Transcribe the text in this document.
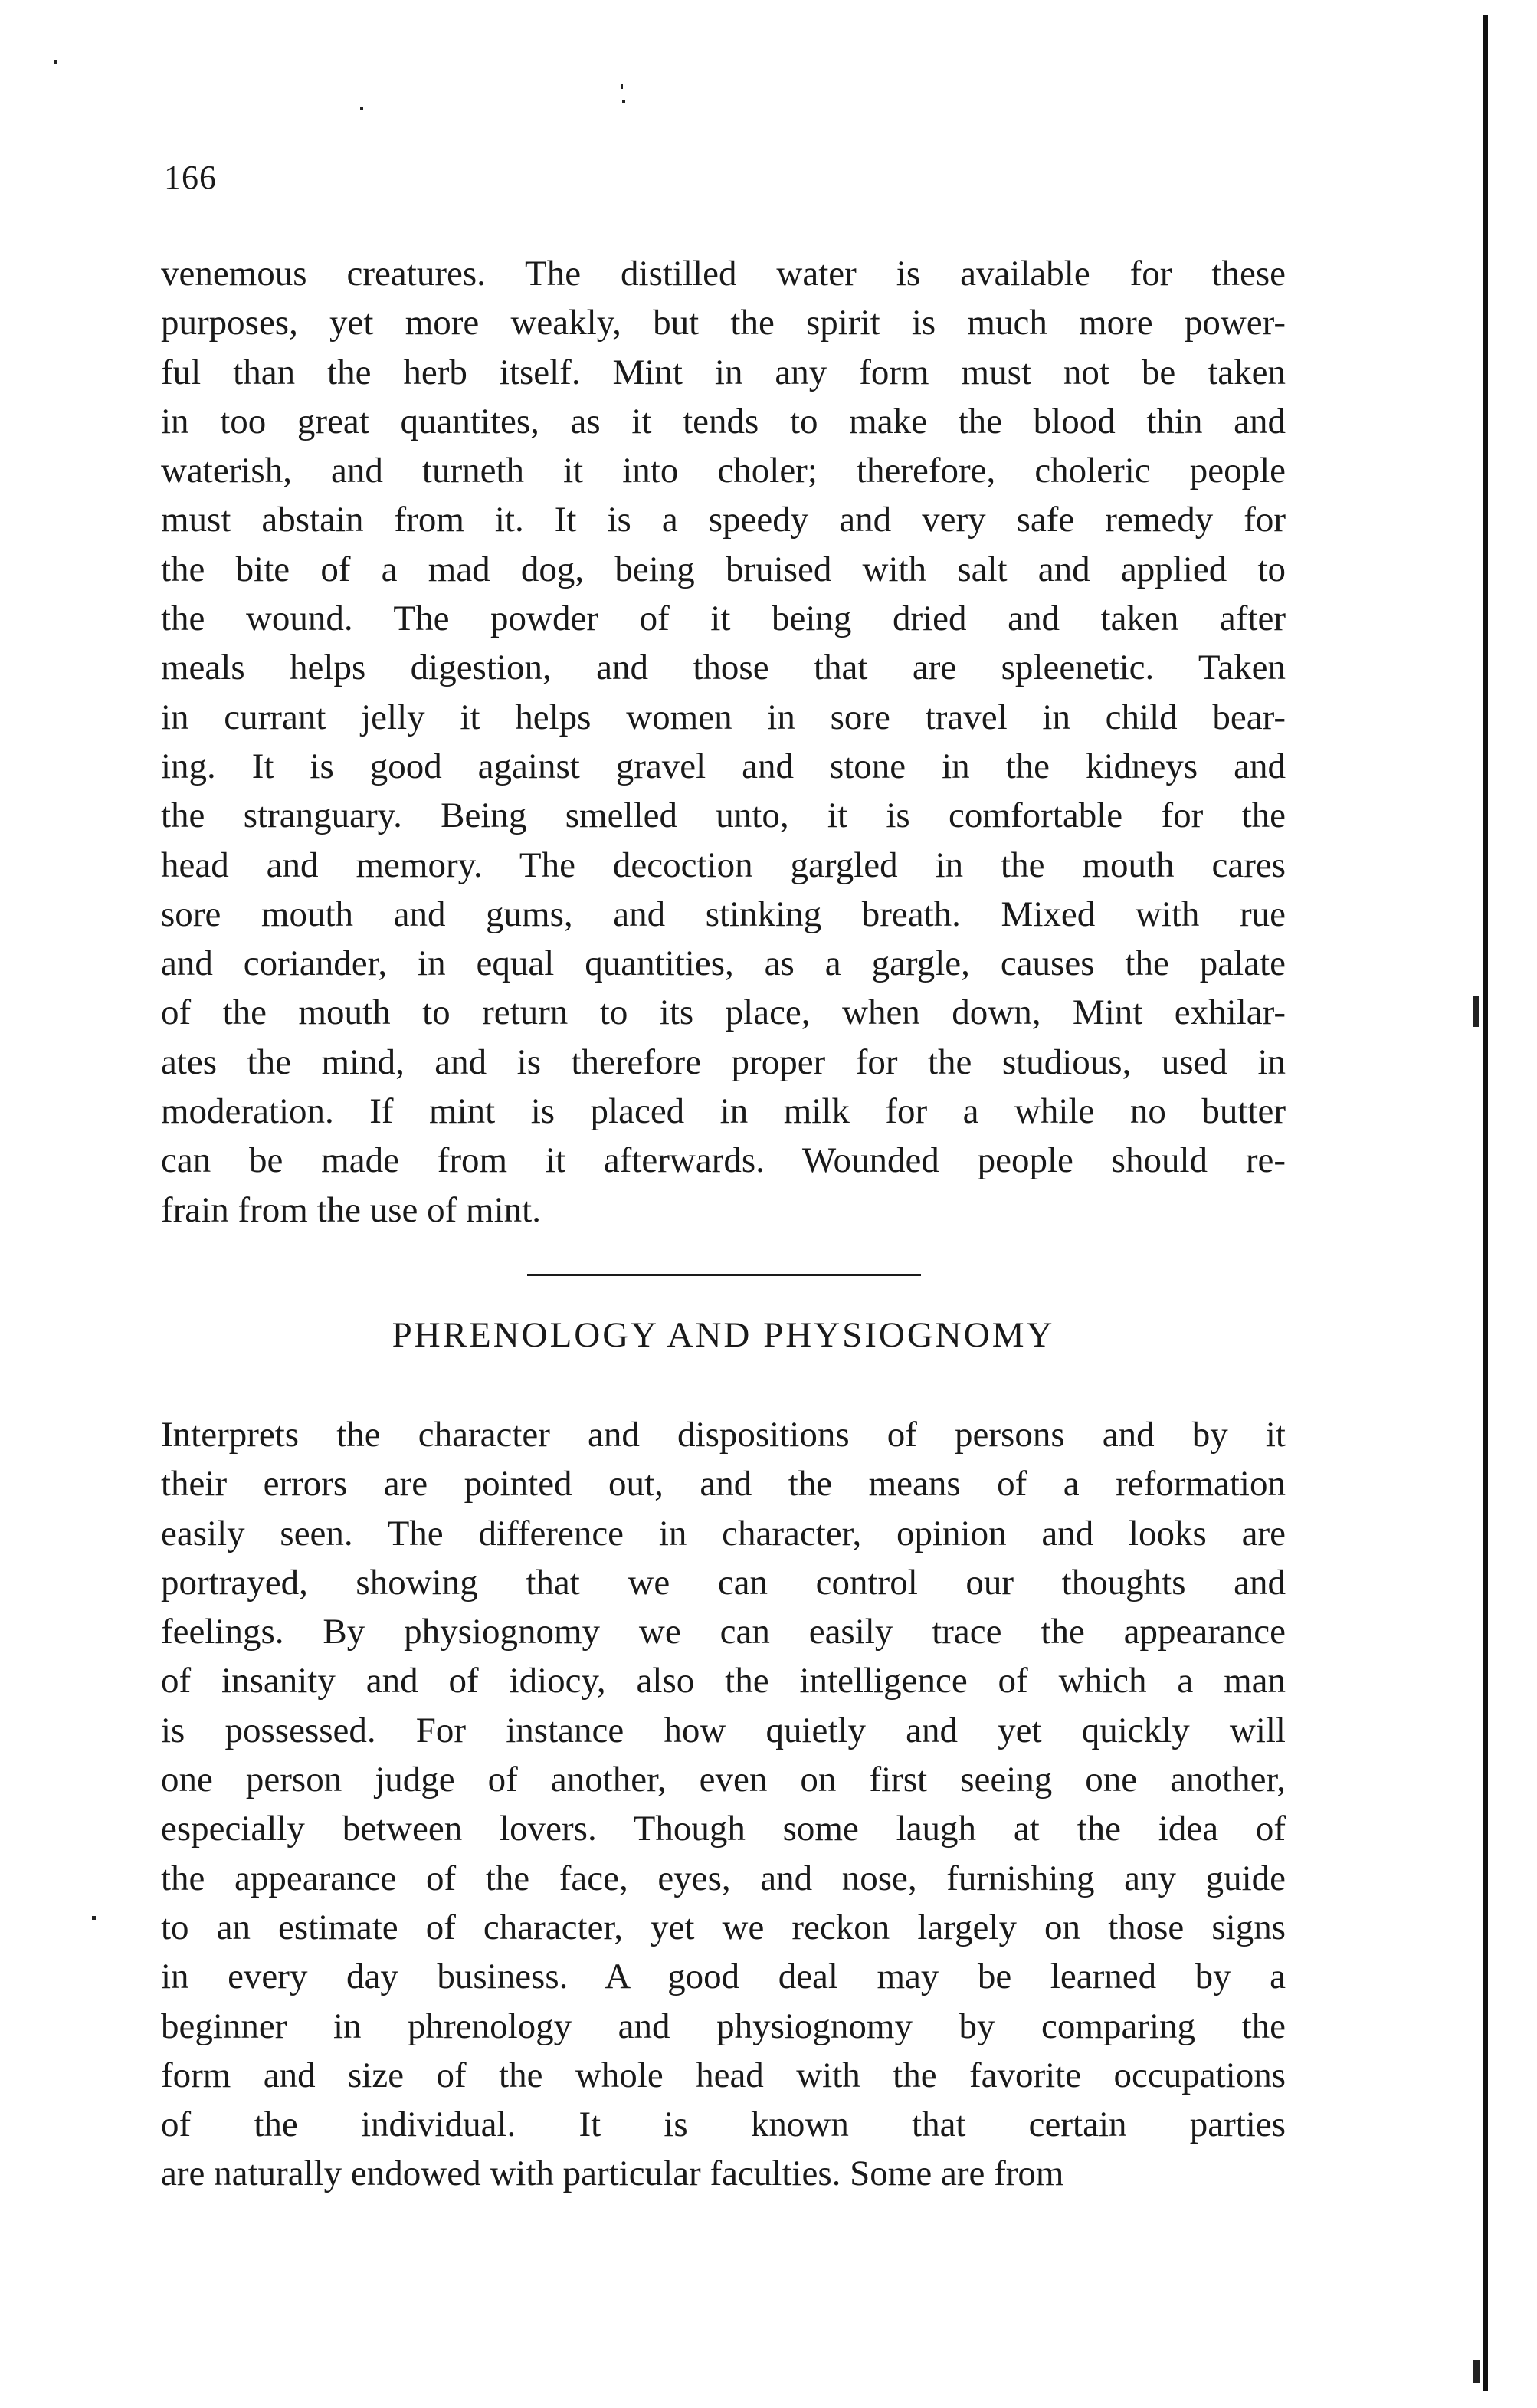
166
venemous creatures. The distilled water is available for these
purposes, yet more weakly, but the spirit is much more power-
ful than the herb itself. Mint in any form must not be taken
in too great quantites, as it tends to make the blood thin and
waterish, and turneth it into choler; therefore, choleric people
must abstain from it. It is a speedy and very safe remedy for
the bite of a mad dog, being bruised with salt and applied to
the wound. The powder of it being dried and taken after
meals helps digestion, and those that are spleenetic. Taken
in currant jelly it helps women in sore travel in child bear-
ing. It is good against gravel and stone in the kidneys and
the stranguary. Being smelled unto, it is comfortable for the
head and memory. The decoction gargled in the mouth cares
sore mouth and gums, and stinking breath. Mixed with rue
and coriander, in equal quantities, as a gargle, causes the palate
of the mouth to return to its place, when down, Mint exhilar-
ates the mind, and is therefore proper for the studious, used in
moderation. If mint is placed in milk for a while no butter
can be made from it afterwards. Wounded people should re-
frain from the use of mint.
PHRENOLOGY AND PHYSIOGNOMY
Interprets the character and dispositions of persons and by it
their errors are pointed out, and the means of a reformation
easily seen. The difference in character, opinion and looks are
portrayed, showing that we can control our thoughts and
feelings. By physiognomy we can easily trace the appearance
of insanity and of idiocy, also the intelligence of which a man
is possessed. For instance how quietly and yet quickly will
one person judge of another, even on first seeing one another,
especially between lovers. Though some laugh at the idea of
the appearance of the face, eyes, and nose, furnishing any guide
to an estimate of character, yet we reckon largely on those signs
in every day business. A good deal may be learned by a
beginner in phrenology and physiognomy by comparing the
form and size of the whole head with the favorite occupations
of the individual. It is known that certain parties
are naturally endowed with particular faculties. Some are from
